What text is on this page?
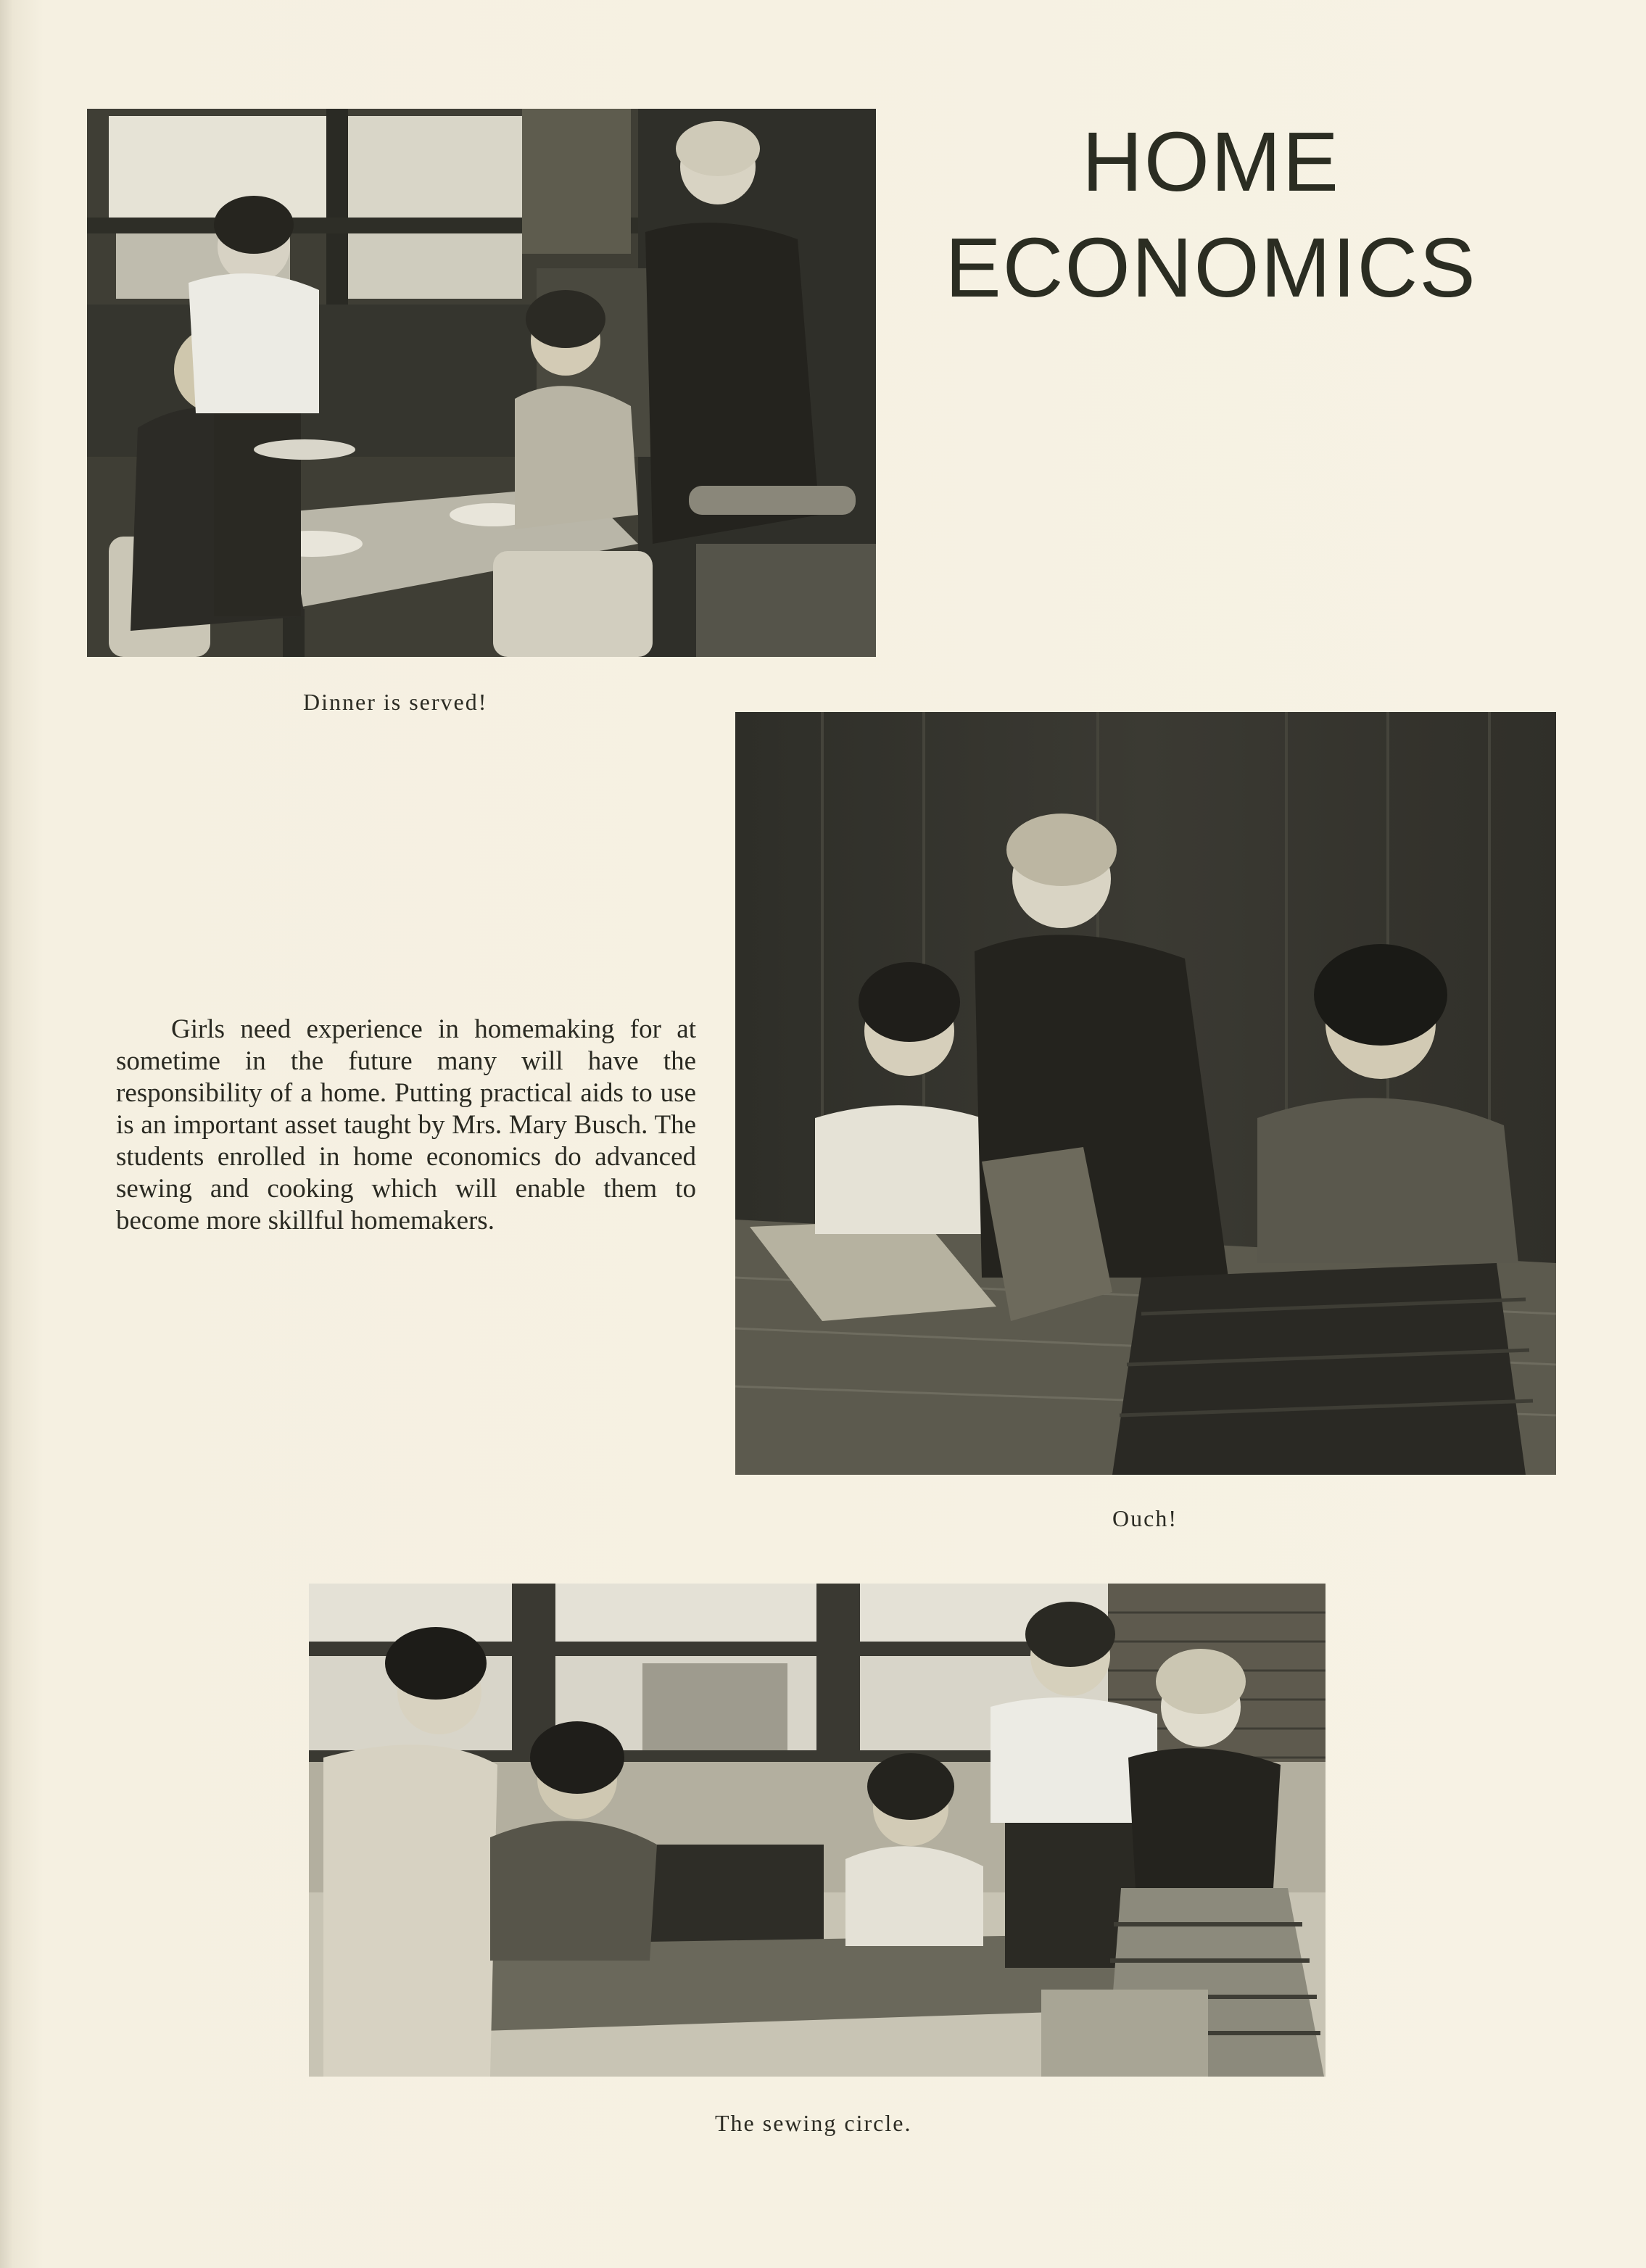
HOME
ECONOMICS
Dinner is served!
Girls need experience in homemaking for at sometime in the future many will have the responsibility of a home. Putting practical aids to use is an important asset taught by Mrs. Mary Busch. The students enrolled in home economics do advanced sewing and cooking which will enable them to become more skillful homemakers.
Ouch!
The sewing circle.
